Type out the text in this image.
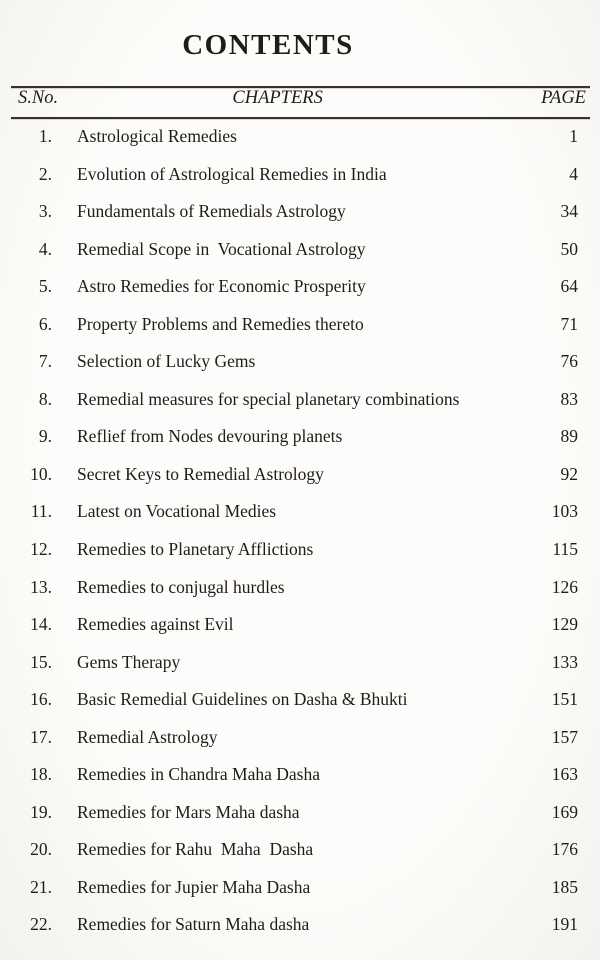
CONTENTS
S.No.	CHAPTERS	PAGE
1. Astrological Remedies	1
2. Evolution of Astrological Remedies in India	4
3. Fundamentals of Remedials Astrology	34
4. Remedial Scope in  Vocational Astrology	50
5. Astro Remedies for Economic Prosperity	64
6. Property Problems and Remedies thereto	71
7. Selection of Lucky Gems	76
8. Remedial measures for special planetary combinations	83
9. Reflief from Nodes devouring planets	89
10. Secret Keys to Remedial Astrology	92
11. Latest on Vocational Medies	103
12. Remedies to Planetary Afflictions	115
13. Remedies to conjugal hurdles	126
14. Remedies against Evil	129
15. Gems Therapy	133
16. Basic Remedial Guidelines on Dasha & Bhukti	151
17. Remedial Astrology	157
18. Remedies in Chandra Maha Dasha	163
19. Remedies for Mars Maha dasha	169
20. Remedies for Rahu  Maha  Dasha	176
21. Remedies for Jupier Maha Dasha	185
22. Remedies for Saturn Maha dasha	191
